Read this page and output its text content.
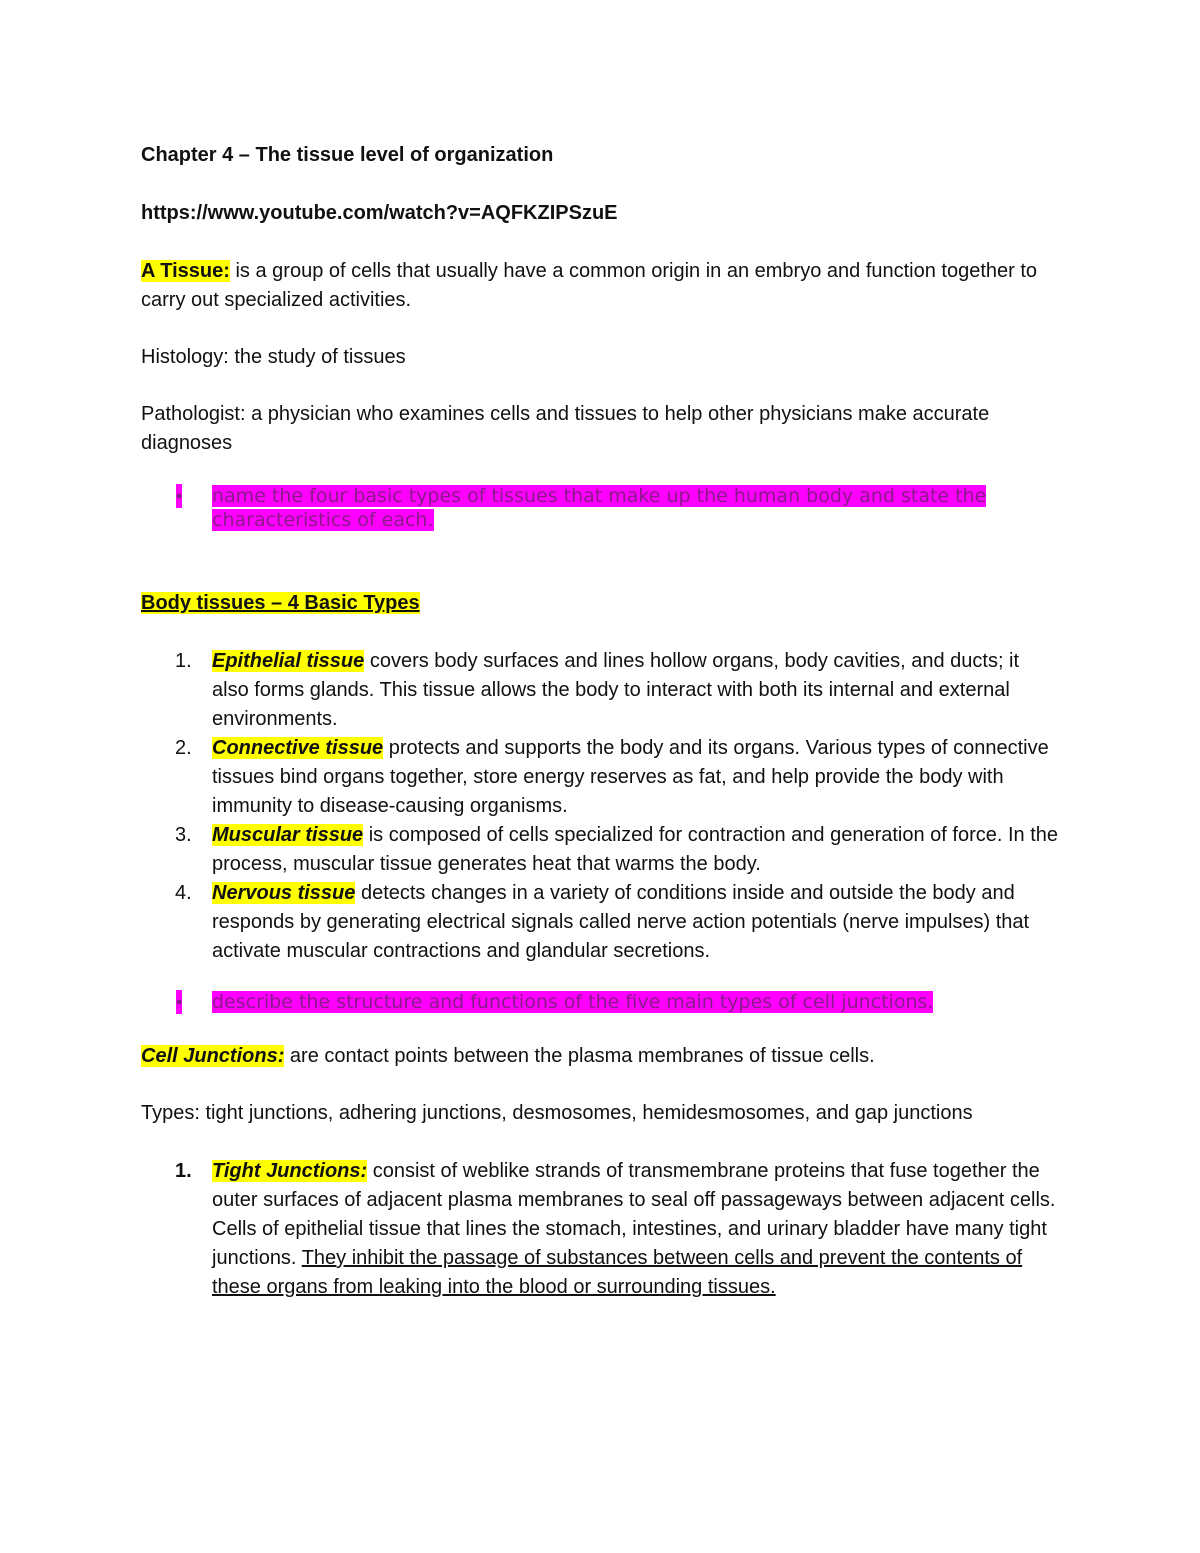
Chapter 4 – The tissue level of organization

https://www.youtube.com/watch?v=AQFKZIPSzuE

A Tissue: is a group of cells that usually have a common origin in an embryo and function together to carry out specialized activities.

Histology: the study of tissues

Pathologist: a physician who examines cells and tissues to help other physicians make accurate diagnoses

• name the four basic types of tissues that make up the human body and state the characteristics of each.

Body tissues – 4 Basic Types

1. Epithelial tissue covers body surfaces and lines hollow organs, body cavities, and ducts; it also forms glands. This tissue allows the body to interact with both its internal and external environments.
2. Connective tissue protects and supports the body and its organs. Various types of connective tissues bind organs together, store energy reserves as fat, and help provide the body with immunity to disease-causing organisms.
3. Muscular tissue is composed of cells specialized for contraction and generation of force. In the process, muscular tissue generates heat that warms the body.
4. Nervous tissue detects changes in a variety of conditions inside and outside the body and responds by generating electrical signals called nerve action potentials (nerve impulses) that activate muscular contractions and glandular secretions.
• describe the structure and functions of the five main types of cell junctions.

Cell Junctions: are contact points between the plasma membranes of tissue cells.

Types: tight junctions, adhering junctions, desmosomes, hemidesmosomes, and gap junctions

1. Tight Junctions: consist of weblike strands of transmembrane proteins that fuse together the outer surfaces of adjacent plasma membranes to seal off passageways between adjacent cells. Cells of epithelial tissue that lines the stomach, intestines, and urinary bladder have many tight junctions. They inhibit the passage of substances between cells and prevent the contents of these organs from leaking into the blood or surrounding tissues.
